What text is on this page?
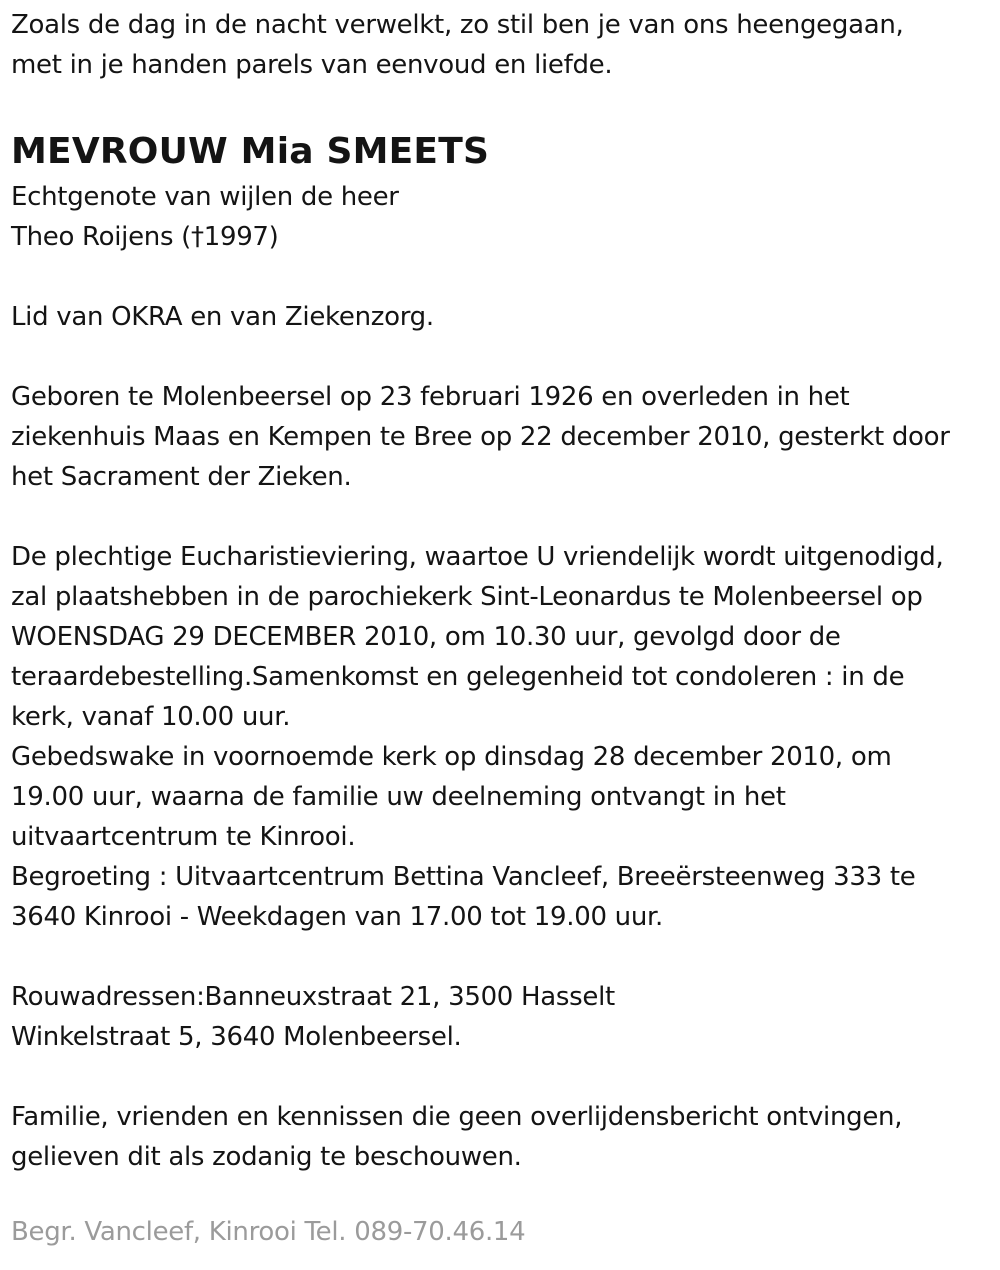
Zoals de dag in de nacht verwelkt, zo stil ben je van ons heengegaan,
met in je handen parels van eenvoud en liefde.
MEVROUW Mia SMEETS
Echtgenote van wijlen de heer
Theo Roijens (†1997)
Lid van OKRA en van Ziekenzorg.
Geboren te Molenbeersel op 23 februari 1926 en overleden in het
ziekenhuis Maas en Kempen te Bree op 22 december 2010, gesterkt door
het Sacrament der Zieken.
De plechtige Eucharistieviering, waartoe U vriendelijk wordt uitgenodigd,
zal plaatshebben in de parochiekerk Sint-Leonardus te Molenbeersel op
WOENSDAG 29 DECEMBER 2010, om 10.30 uur, gevolgd door de
teraardebestelling.Samenkomst en gelegenheid tot condoleren : in de
kerk, vanaf 10.00 uur.
Gebedswake in voornoemde kerk op dinsdag 28 december 2010, om
19.00 uur, waarna de familie uw deelneming ontvangt in het
uitvaartcentrum te Kinrooi.
Begroeting : Uitvaartcentrum Bettina Vancleef, Breeërsteenweg 333 te
3640 Kinrooi - Weekdagen van 17.00 tot 19.00 uur.
Rouwadressen:Banneuxstraat 21, 3500 Hasselt
Winkelstraat 5, 3640 Molenbeersel.
Familie, vrienden en kennissen die geen overlijdensbericht ontvingen,
gelieven dit als zodanig te beschouwen.
Begr. Vancleef, Kinrooi Tel. 089-70.46.14
